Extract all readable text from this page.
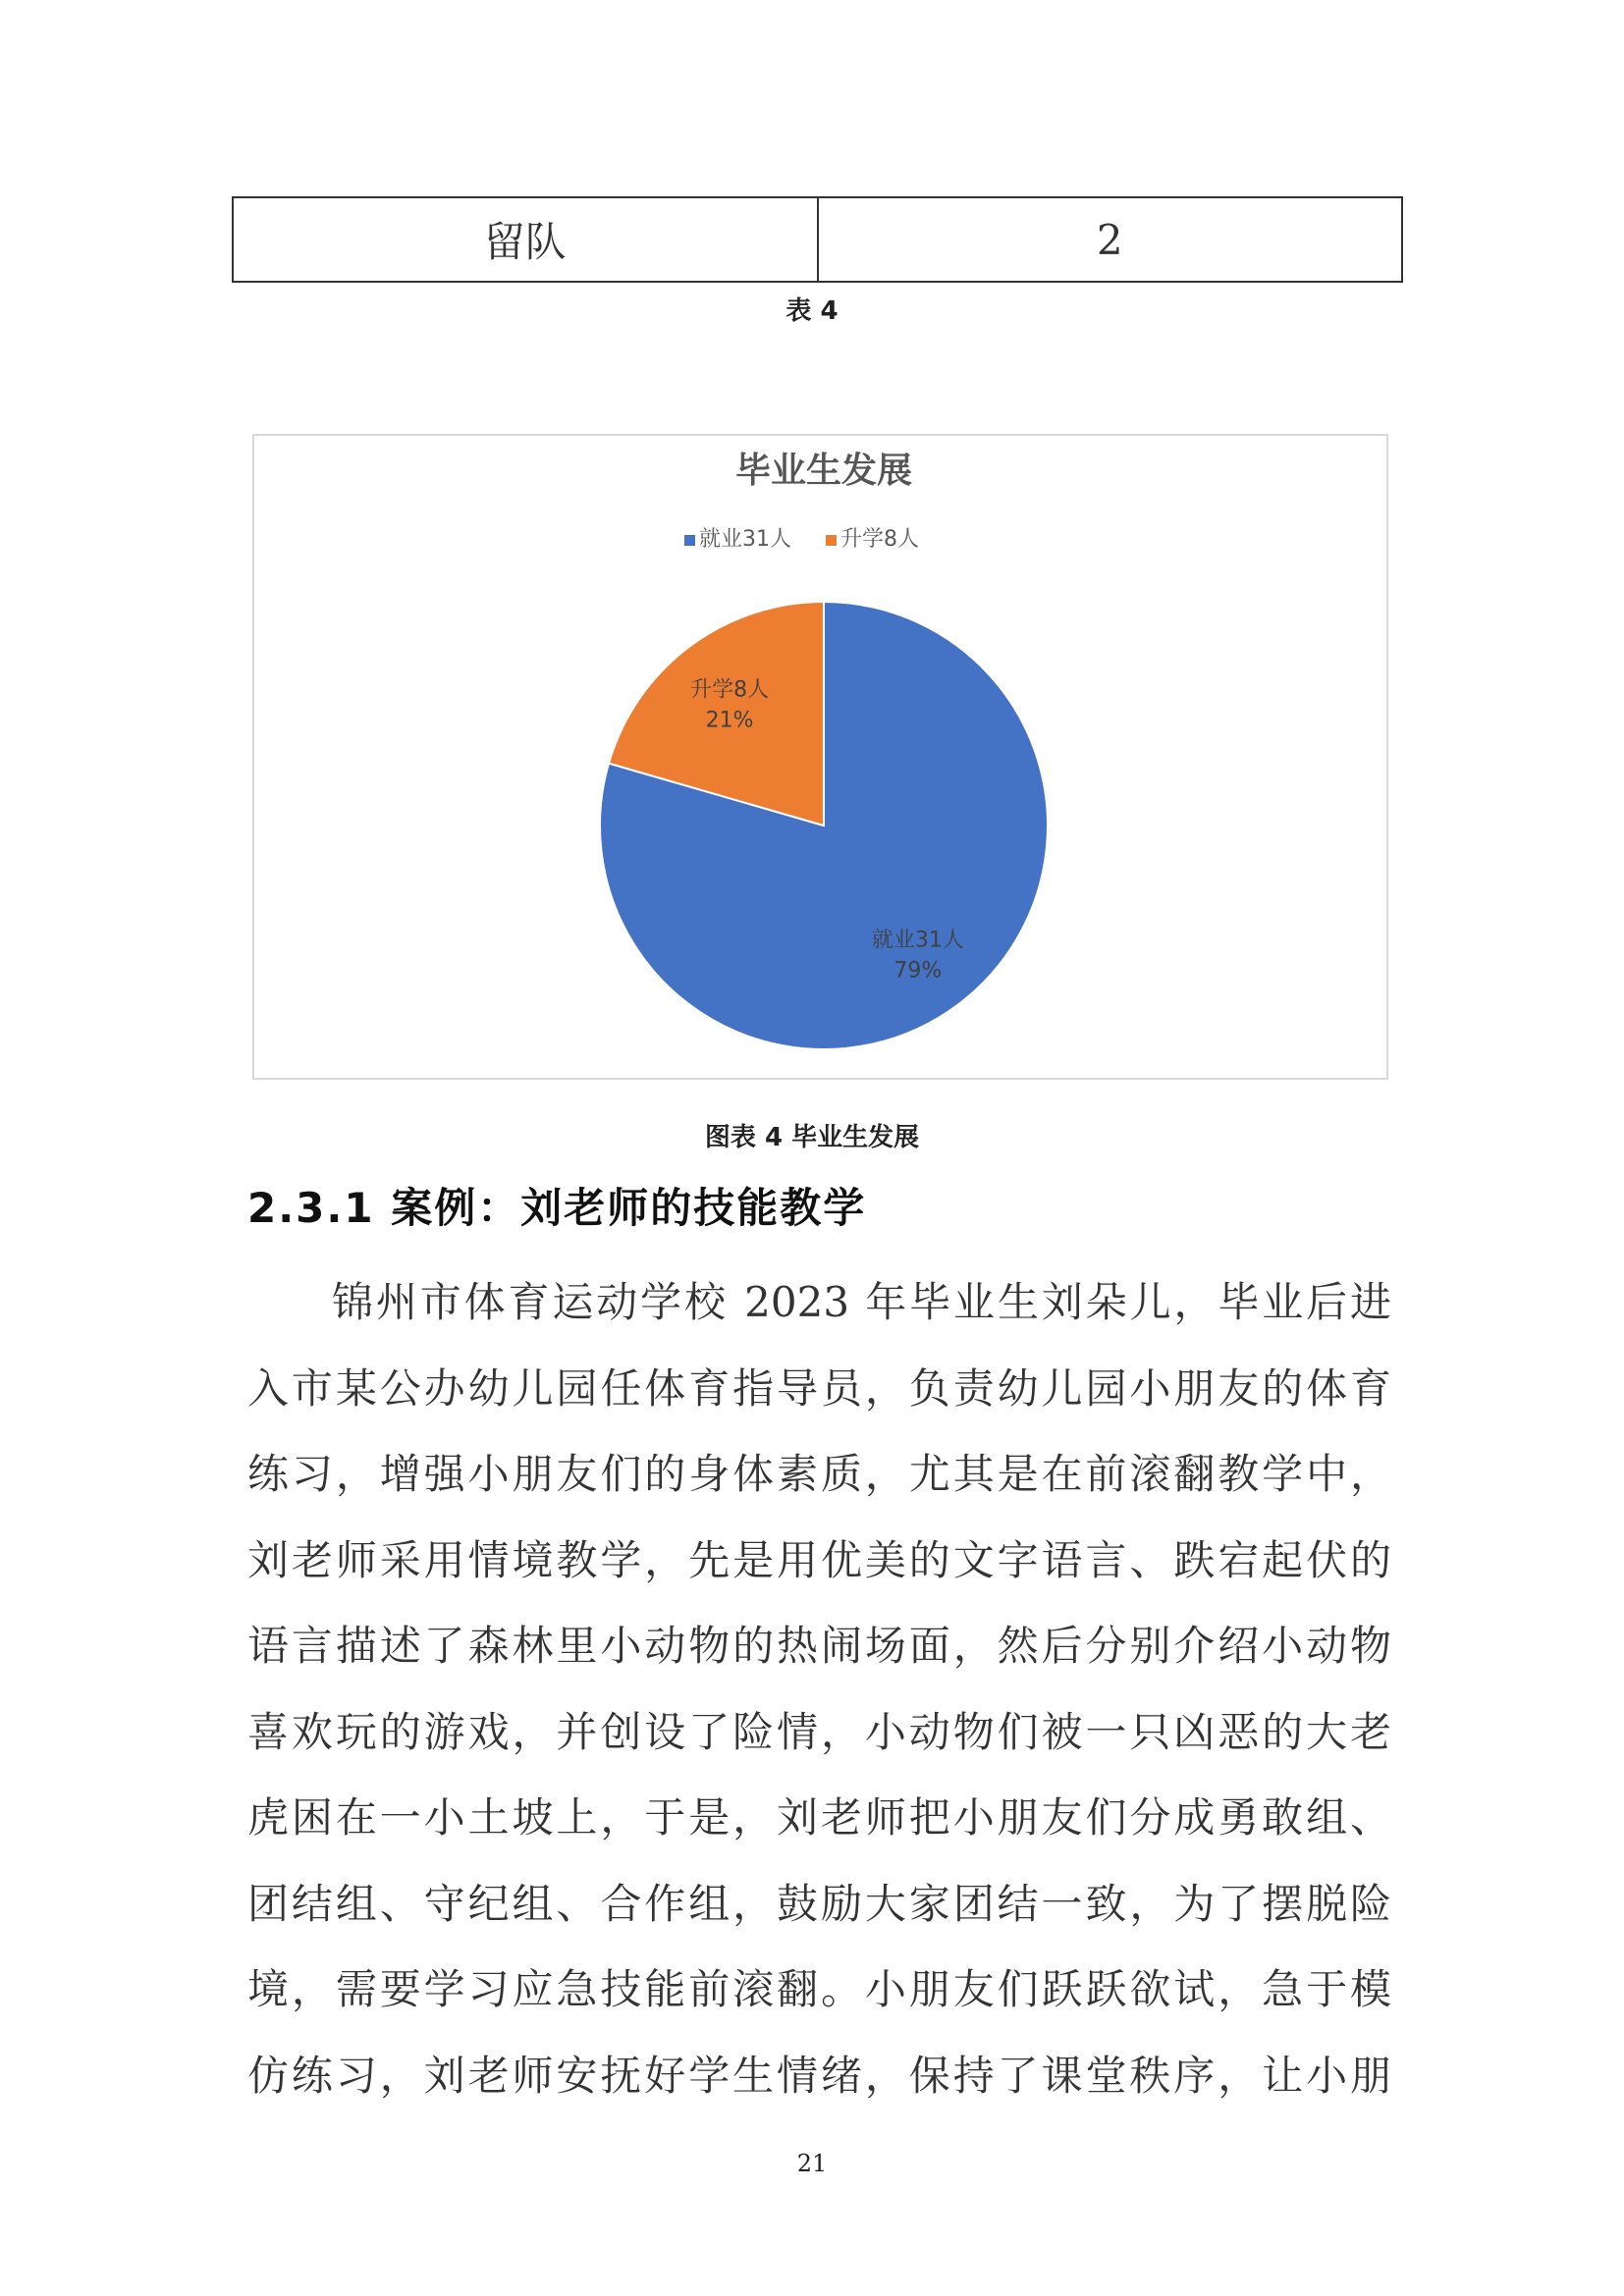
留队	2
表 4
毕业生发展
就业31人 升学8人
就业31人
79%
升学8人
21%
图表 4 毕业生发展
2.3.1 案例：刘老师的技能教学
锦州市体育运动学校 2023 年毕业生刘朵儿，毕业后进
入市某公办幼儿园任体育指导员，负责幼儿园小朋友的体育
练习，增强小朋友们的身体素质，尤其是在前滚翻教学中，
刘老师采用情境教学，先是用优美的文字语言、跌宕起伏的
语言描述了森林里小动物的热闹场面，然后分别介绍小动物
喜欢玩的游戏，并创设了险情，小动物们被一只凶恶的大老
虎困在一小土坡上，于是，刘老师把小朋友们分成勇敢组、
团结组、守纪组、合作组，鼓励大家团结一致，为了摆脱险
境，需要学习应急技能前滚翻。小朋友们跃跃欲试，急于模
仿练习，刘老师安抚好学生情绪，保持了课堂秩序，让小朋
21
